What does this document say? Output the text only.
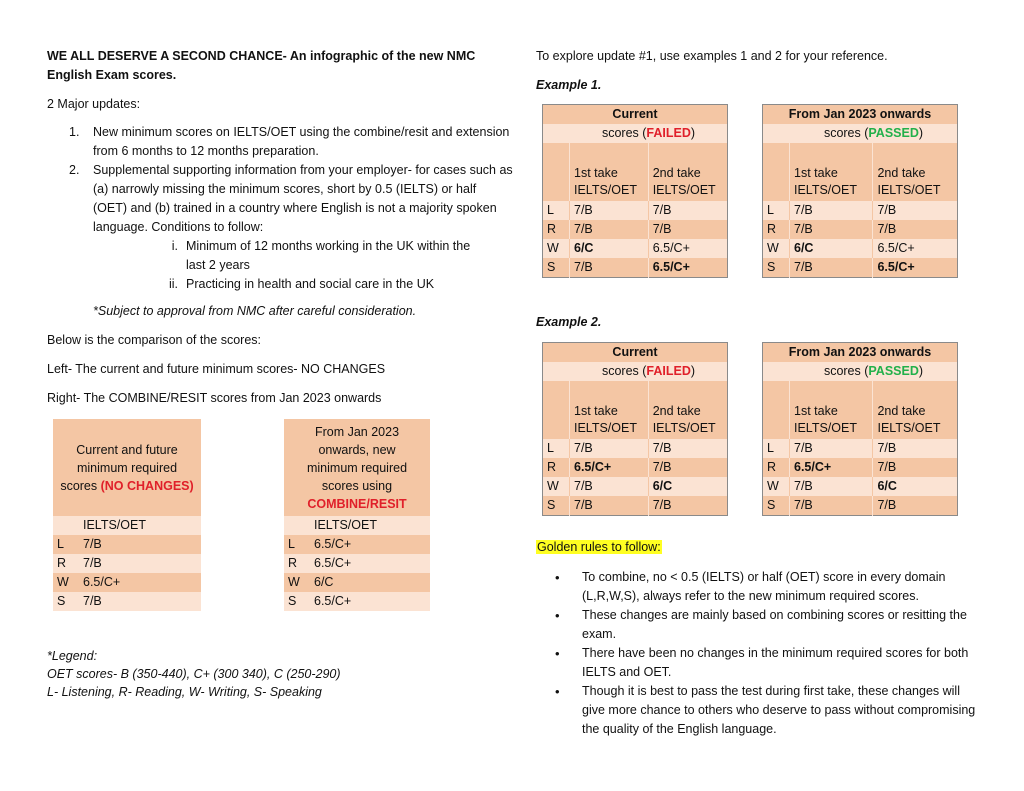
WE ALL DESERVE A SECOND CHANCE- An infographic of the new NMC English Exam scores.

2 Major updates:

1. New minimum scores on IELTS/OET using the combine/resit and extension from 6 months to 12 months preparation.
2. Supplemental supporting information from your employer- for cases such as (a) narrowly missing the minimum scores, short by 0.5 (IELTS) or half (OET) and (b) trained in a country where English is not a majority spoken language. Conditions to follow:
i. Minimum of 12 months working in the UK within the last 2 years
ii. Practicing in health and social care in the UK

*Subject to approval from NMC after careful consideration.

Below is the comparison of the scores:

Left- The current and future minimum scores- NO CHANGES

Right- The COMBINE/RESIT scores from Jan 2023 onwards

Current and future minimum required scores (NO CHANGES)	
	IELTS/OET
L	7/B
R	7/B
W	6.5/C+
S	7/B
From Jan 2023 onwards, new minimum required scores using
COMBINE/RESIT	
	IELTS/OET
L	6.5/C+
R	6.5/C+
W	6/C
S	6.5/C+

*Legend:

OET scores- B (350-440), C+ (300 340), C (250-290)

L- Listening, R- Reading, W- Writing, S- Speaking

To explore update #1, use examples 1 and 2 for your reference.

Example 1.

Example 2.

Current		
	scores (FAILED)	
	1st take IELTS/OET	2nd take IELTS/OET
L	7/B	7/B
R	7/B	7/B
W	6/C	6.5/C+
S	7/B	6.5/C+
From Jan 2023 onwards		
	scores (PASSED)	
	1st take IELTS/OET	2nd take IELTS/OET
L	7/B	7/B
R	7/B	7/B
W	6/C	6.5/C+
S	7/B	6.5/C+
Current		
	scores (FAILED)	
	1st take IELTS/OET	2nd take IELTS/OET
L	7/B	7/B
R	6.5/C+	7/B
W	7/B	6/C
S	7/B	7/B
From Jan 2023 onwards		
	scores (PASSED)	
	1st take IELTS/OET	2nd take IELTS/OET
L	7/B	7/B
R	6.5/C+	7/B
W	7/B	6/C
S	7/B	7/B

Golden rules to follow:

• To combine, no < 0.5 (IELTS) or half (OET) score in every domain (L,R,W,S), always refer to the new minimum required scores.
• These changes are mainly based on combining scores or resitting the exam.
• There have been no changes in the minimum required scores for both IELTS and OET.
• Though it is best to pass the test during first take, these changes will give more chance to others who deserve to pass without compromising the quality of the English language.
